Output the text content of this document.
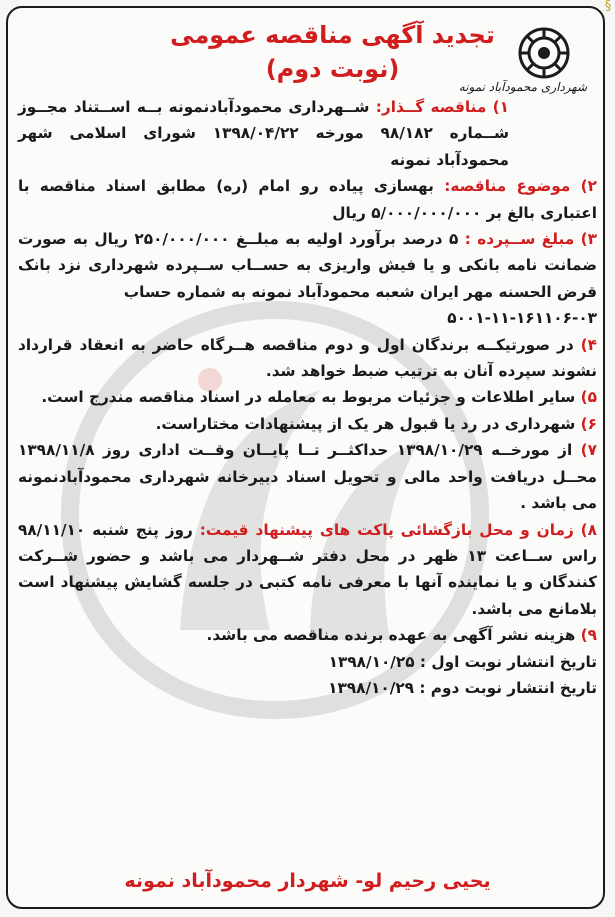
§
تجدید آگهی مناقصه عمومی
(نوبت دوم)
شهرداری محمودآباد نمونه

۱) مناقصه گــذار: شــهرداری محمودآبادنمونه بــه اســتناد مجــوز شــماره ۹۸/۱۸۲ مورخه ۱۳۹۸/۰۴/۲۲ شورای اسلامی شهر محمودآباد نمونه

۲) موضوع مناقصه: بهسازی پیاده رو امام (ره) مطابق اسناد مناقصه با اعتباری بالغ بر ۵/۰۰۰/۰۰۰/۰۰۰ ریال

۳) مبلغ ســپرده : ۵ درصد برآورد اولیه به مبلــغ ۲۵۰/۰۰۰/۰۰۰ ریال به صورت ضمانت نامه بانکی و یا فیش واریزی به حســاب ســپرده شهرداری نزد بانک قرض الحسنه مهر ایران شعبه محمودآباد نمونه به شماره حساب

۵۰۰۱-۱۱-۱۶۱۱۰۶-۰۳

۴) در صورتیکــه برندگان اول و دوم مناقصه هــرگاه حاضر به انعقاد قرارداد نشوند سپرده آنان به ترتیب ضبط خواهد شد.

۵) سایر اطلاعات و جزئیات مربوط به معامله در اسناد مناقصه مندرج است.

۶) شهرداری در رد یا قبول هر یک از پیشنهادات مختاراست.

۷) از مورخــه ۱۳۹۸/۱۰/۲۹ حداکثــر تــا پایــان وقــت اداری روز ۱۳۹۸/۱۱/۸ محــل دریافت واحد مالی و تحویل اسناد دبیرخانه شهرداری محمودآبادنمونه می باشد .

۸) زمان و محل بازگشائی پاکت های پیشنهاد قیمت: روز پنج شنبه ۹۸/۱۱/۱۰ راس ســاعت ۱۳ ظهر در محل دفتر شــهردار می باشد و حضور شــرکت کنندگان و یا نماینده آنها با معرفی نامه کتبی در جلسه گشایش پیشنهاد است بلامانع می باشد.

۹) هزینه نشر آگهی به عهده برنده مناقصه می باشد.

تاریخ انتشار نوبت اول : ۱۳۹۸/۱۰/۲۵

تاریخ انتشار نوبت دوم : ۱۳۹۸/۱۰/۲۹

یحیی رحیم لو- شهردار محمودآباد نمونه
